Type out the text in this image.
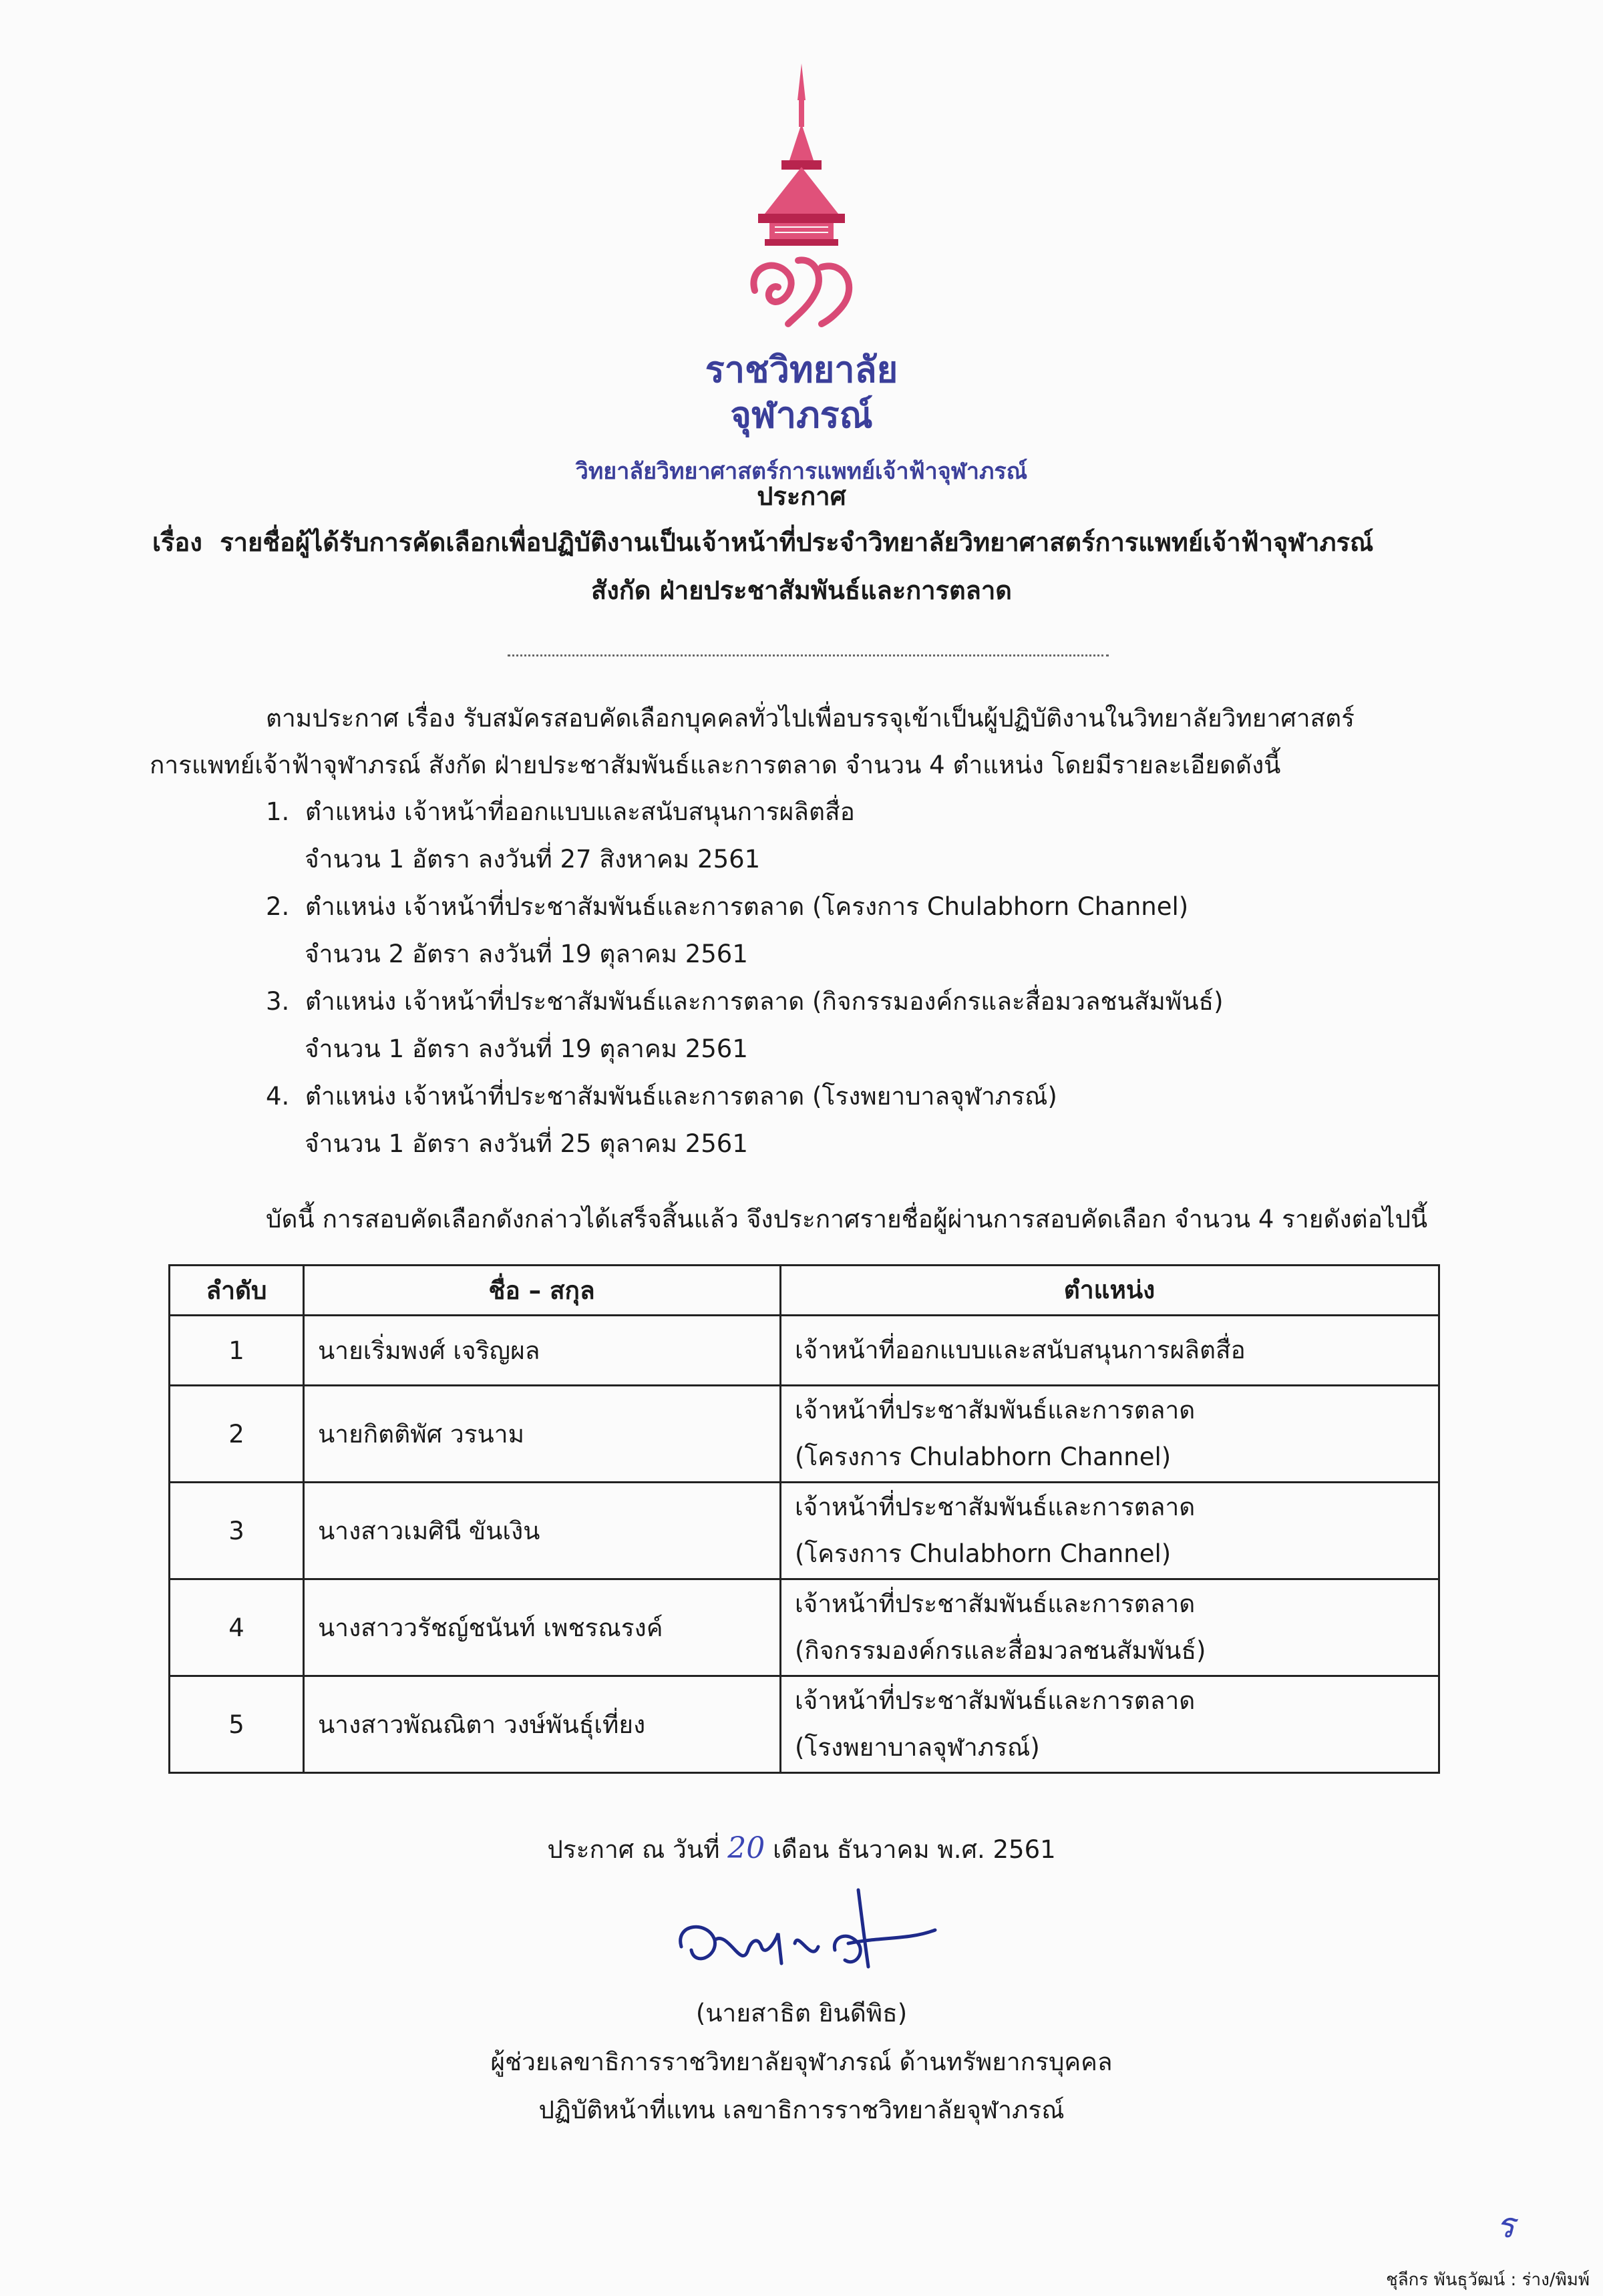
ราชวิทยาลัย
จุฬาภรณ์
วิทยาลัยวิทยาศาสตร์การแพทย์เจ้าฟ้าจุฬาภรณ์
ประกาศ
เรื่อง รายชื่อผู้ได้รับการคัดเลือกเพื่อปฏิบัติงานเป็นเจ้าหน้าที่ประจำวิทยาลัยวิทยาศาสตร์การแพทย์เจ้าฟ้าจุฬาภรณ์
สังกัด ฝ่ายประชาสัมพันธ์และการตลาด
ตามประกาศ เรื่อง รับสมัครสอบคัดเลือกบุคคลทั่วไปเพื่อบรรจุเข้าเป็นผู้ปฏิบัติงานในวิทยาลัยวิทยาศาสตร์
การแพทย์เจ้าฟ้าจุฬาภรณ์ สังกัด ฝ่ายประชาสัมพันธ์และการตลาด จำนวน 4 ตำแหน่ง โดยมีรายละเอียดดังนี้
1. ตำแหน่ง เจ้าหน้าที่ออกแบบและสนับสนุนการผลิตสื่อ
จำนวน 1 อัตรา ลงวันที่ 27 สิงหาคม 2561
2. ตำแหน่ง เจ้าหน้าที่ประชาสัมพันธ์และการตลาด (โครงการ Chulabhorn Channel)
จำนวน 2 อัตรา ลงวันที่ 19 ตุลาคม 2561
3. ตำแหน่ง เจ้าหน้าที่ประชาสัมพันธ์และการตลาด (กิจกรรมองค์กรและสื่อมวลชนสัมพันธ์)
จำนวน 1 อัตรา ลงวันที่ 19 ตุลาคม 2561
4. ตำแหน่ง เจ้าหน้าที่ประชาสัมพันธ์และการตลาด (โรงพยาบาลจุฬาภรณ์)
จำนวน 1 อัตรา ลงวันที่ 25 ตุลาคม 2561
บัดนี้ การสอบคัดเลือกดังกล่าวได้เสร็จสิ้นแล้ว จึงประกาศรายชื่อผู้ผ่านการสอบคัดเลือก จำนวน 4 รายดังต่อไปนี้
ลำดับ	ชื่อ – สกุล	ตำแหน่ง
1	นายเริ่มพงศ์ เจริญผล	เจ้าหน้าที่ออกแบบและสนับสนุนการผลิตสื่อ

2	นายกิตติพัศ วรนาม	เจ้าหน้าที่ประชาสัมพันธ์และการตลาด
(โครงการ Chulabhorn Channel)

3	นางสาวเมศินี ขันเงิน	เจ้าหน้าที่ประชาสัมพันธ์และการตลาด
(โครงการ Chulabhorn Channel)

4	นางสาววรัชญ์ชนันท์ เพชรณรงค์	เจ้าหน้าที่ประชาสัมพันธ์และการตลาด
(กิจกรรมองค์กรและสื่อมวลชนสัมพันธ์)

5	นางสาวพัณณิตา วงษ์พันธุ์เที่ยง	เจ้าหน้าที่ประชาสัมพันธ์และการตลาด
(โรงพยาบาลจุฬาภรณ์)
ประกาศ ณ วันที่ 20 เดือน ธันวาคม พ.ศ. 2561
(นายสาธิต ยินดีพิธ)
ผู้ช่วยเลขาธิการราชวิทยาลัยจุฬาภรณ์ ด้านทรัพยากรบุคคล
ปฏิบัติหน้าที่แทน เลขาธิการราชวิทยาลัยจุฬาภรณ์
ร
ชุลีกร พันธุวัฒน์ : ร่าง/พิมพ์
